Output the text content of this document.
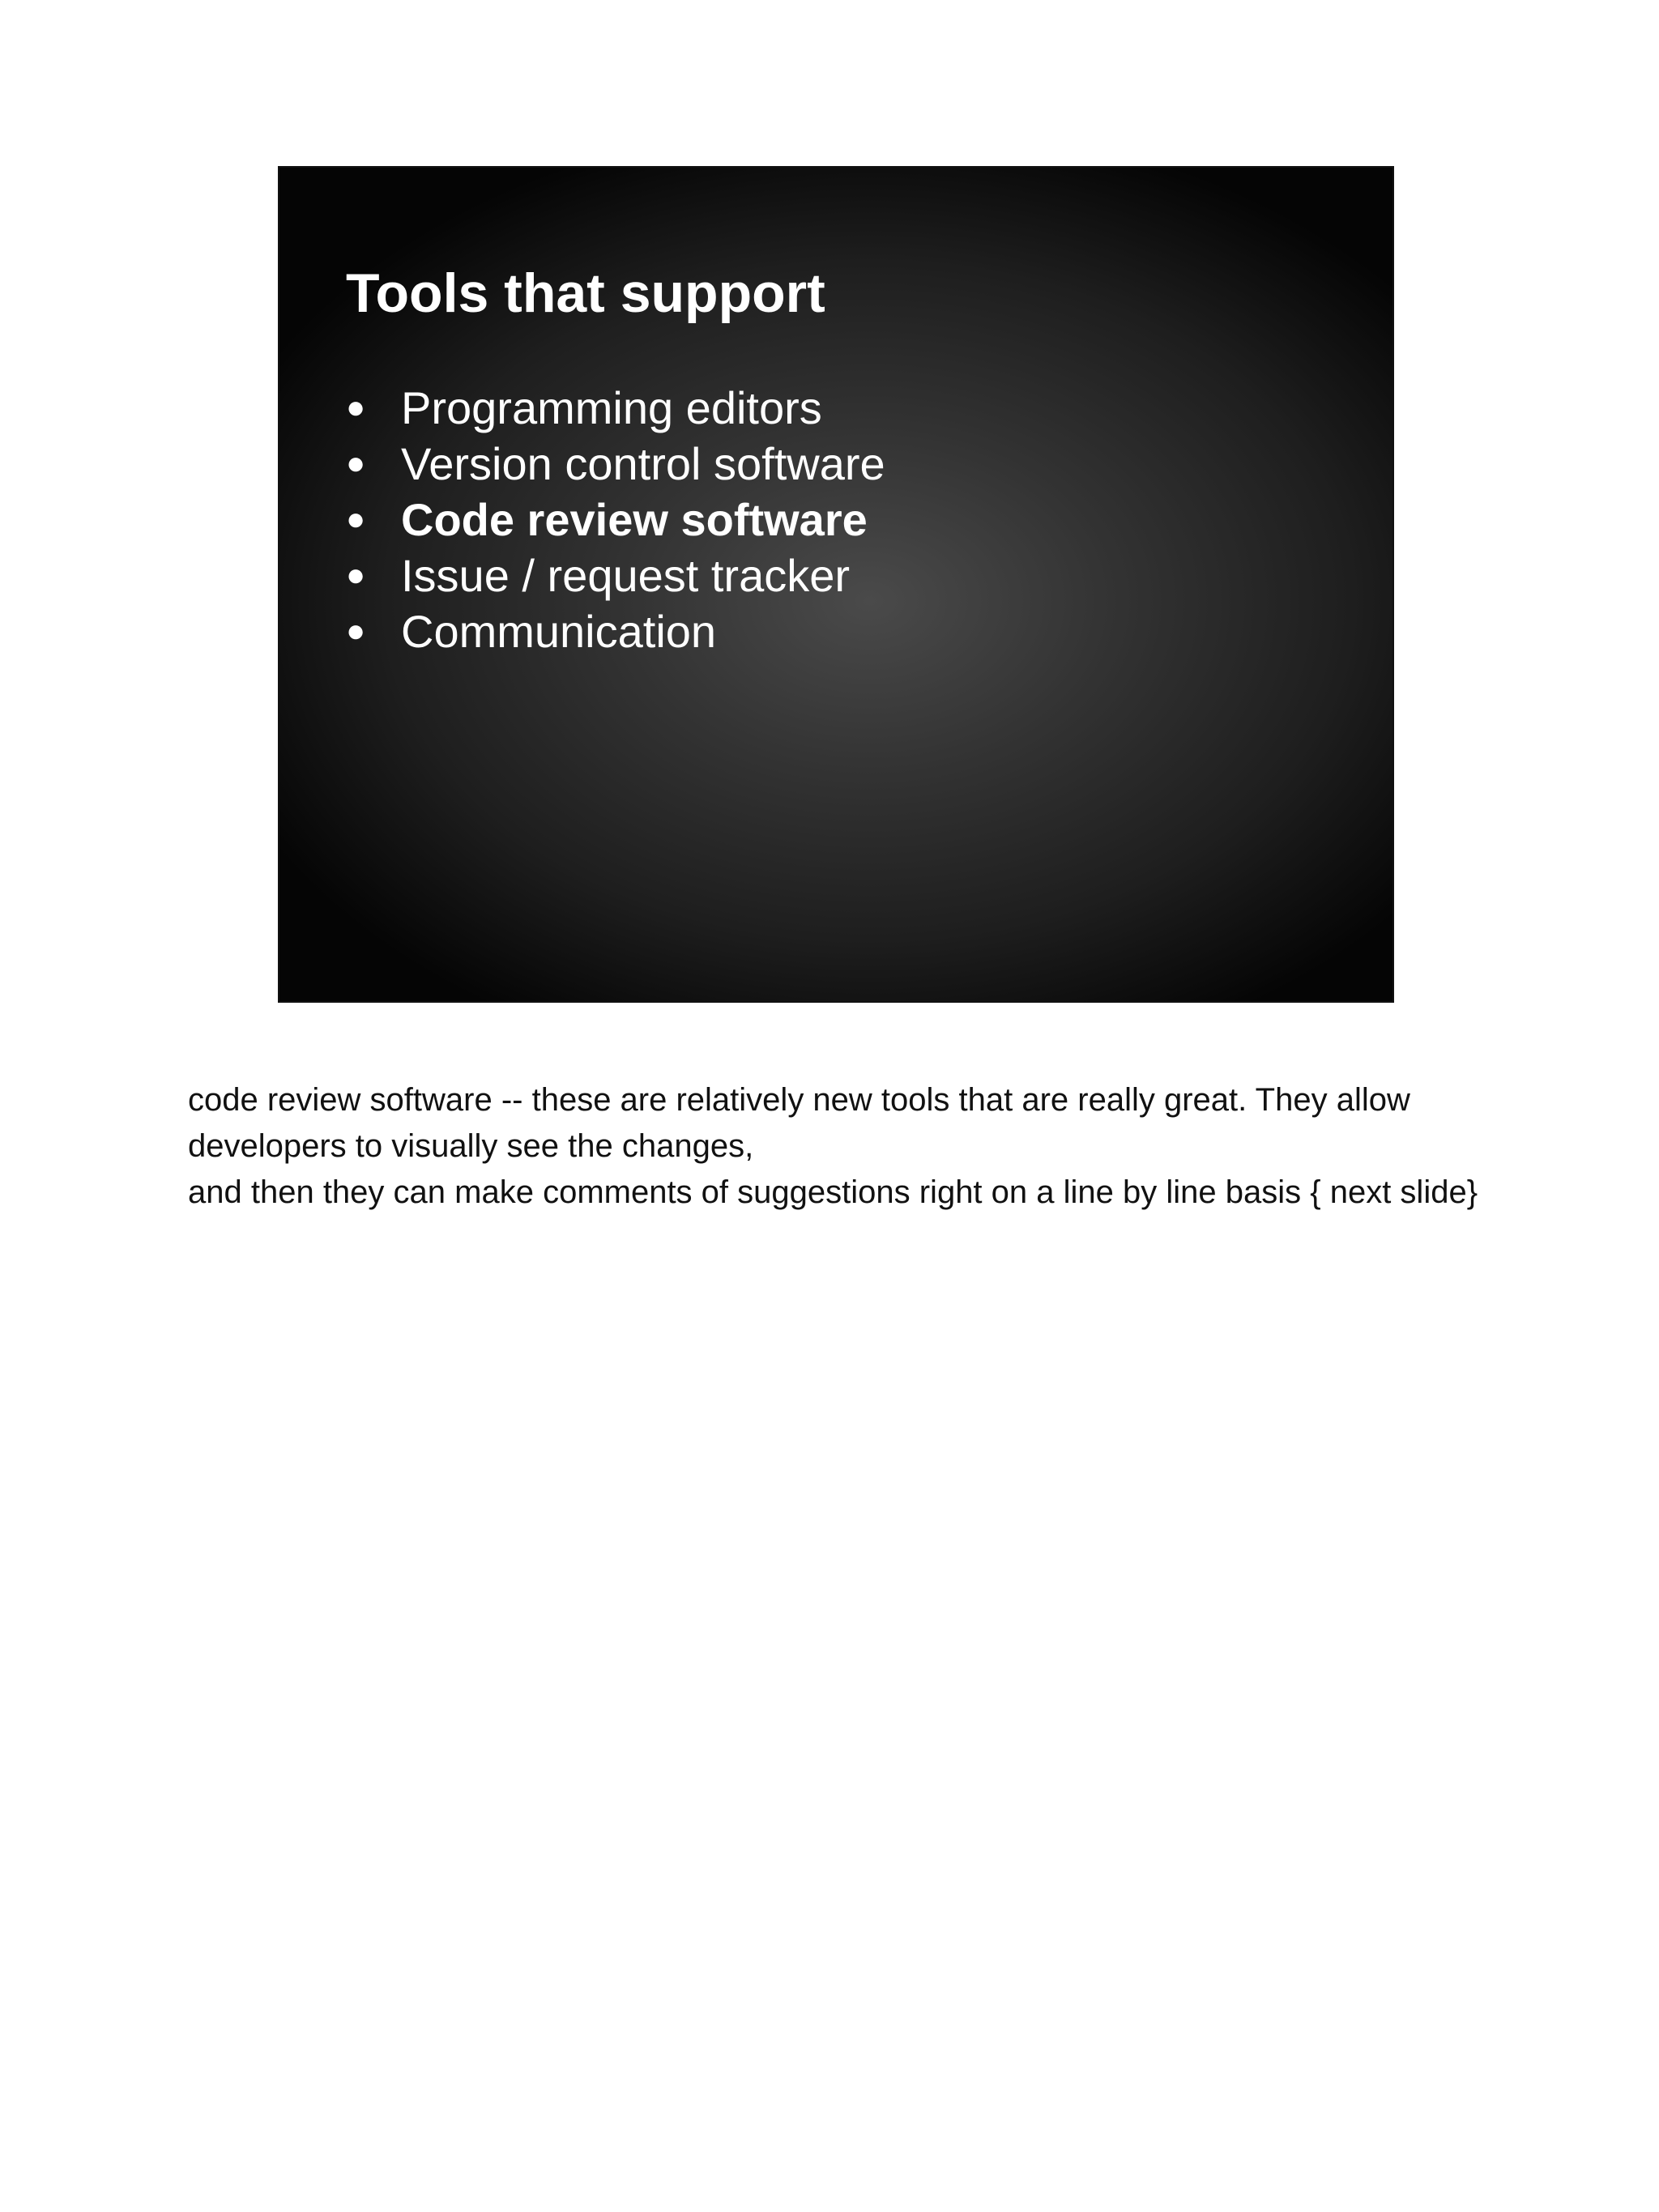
Tools that support
● Programming editors
● Version control software
● Code review software
● Issue / request tracker
● Communication

code review software -- these are relatively new tools that are really great. They allow developers to visually see the changes,

and then they can make comments of suggestions right on a line by line basis { next slide}
